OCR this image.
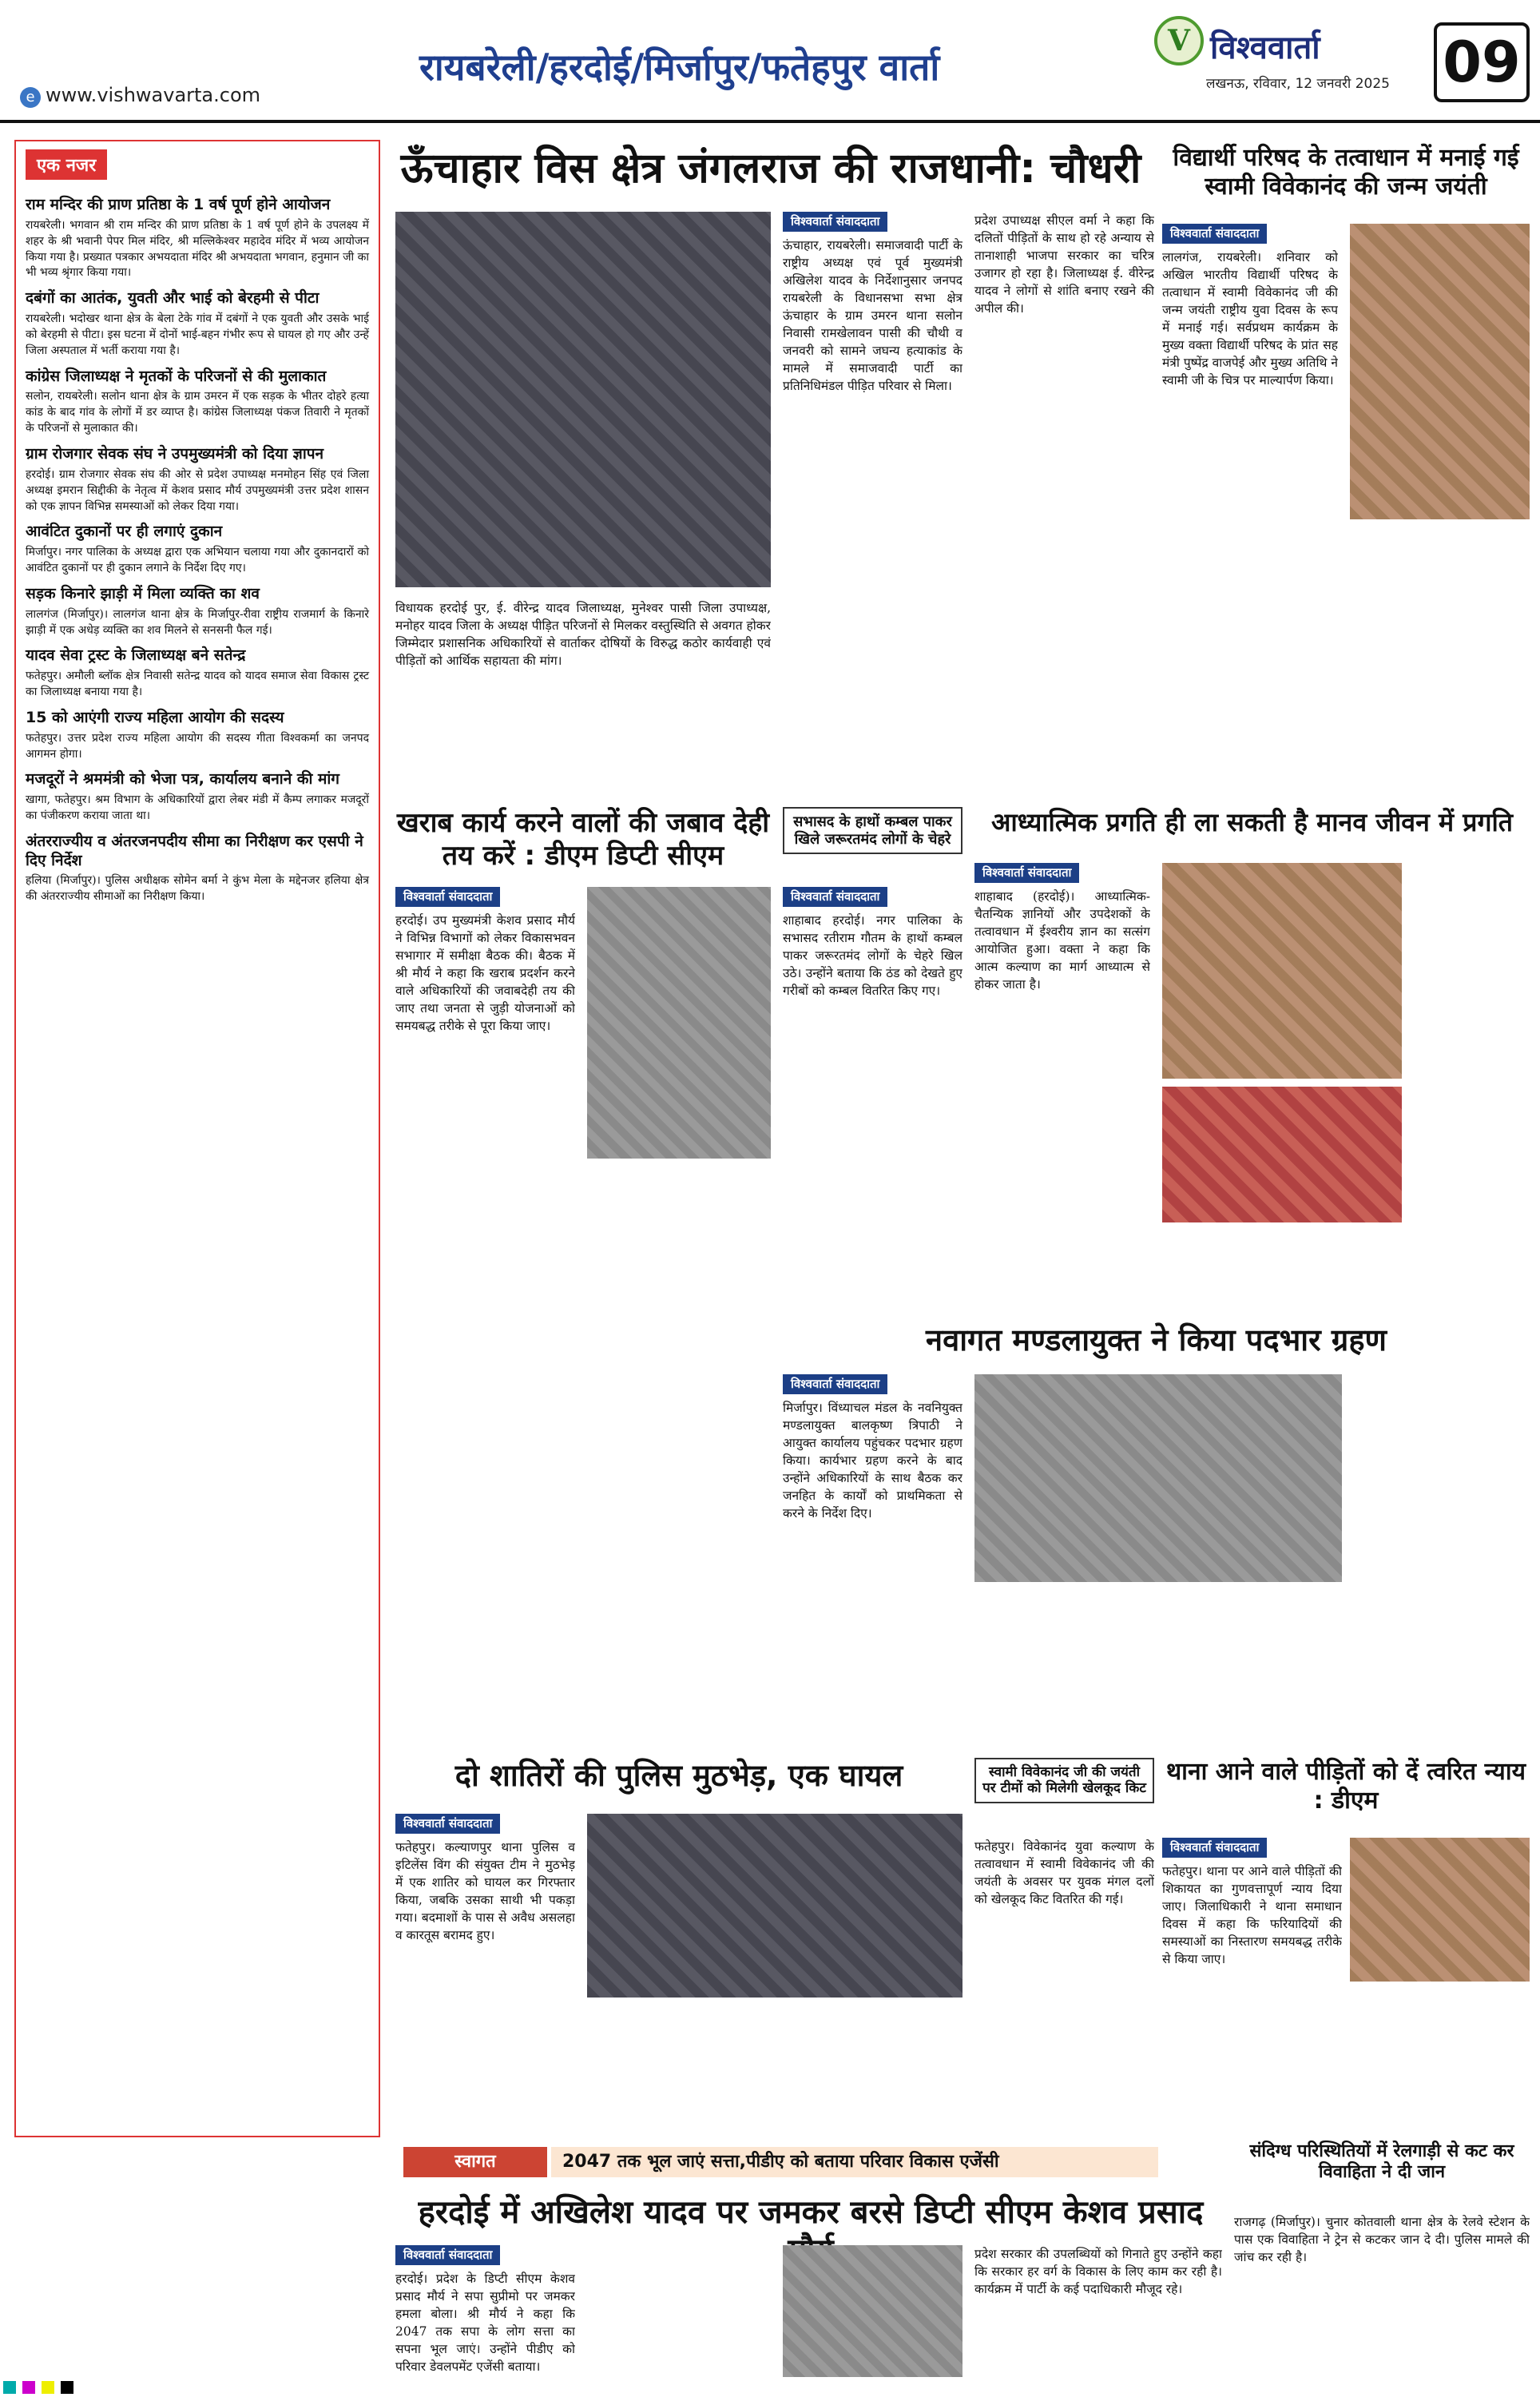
रायबरेली/हरदोई/मिर्जापुर/फतेहपुर वार्ता
e www.vishwavarta.com
V विश्ववार्ता
लखनऊ, रविवार, 12 जनवरी 2025 09
एक नजर
राम मन्दिर की प्राण प्रतिष्ठा के 1 वर्ष पूर्ण होने आयोजन

रायबरेली। भगवान श्री राम मन्दिर की प्राण प्रतिष्ठा के 1 वर्ष पूर्ण होने के उपलक्ष्य में शहर के श्री भवानी पेपर मिल मंदिर, श्री मल्लिकेश्वर महादेव मंदिर में भव्य आयोजन किया गया है। प्रख्यात पत्रकार अभयदाता मंदिर श्री अभयदाता भगवान, हनुमान जी का भी भव्य श्रृंगार किया गया।

दबंगों का आतंक, युवती और भाई को बेरहमी से पीटा

रायबरेली। भदोखर थाना क्षेत्र के बेला टेके गांव में दबंगों ने एक युवती और उसके भाई को बेरहमी से पीटा। इस घटना में दोनों भाई-बहन गंभीर रूप से घायल हो गए और उन्हें जिला अस्पताल में भर्ती कराया गया है।

कांग्रेस जिलाध्यक्ष ने मृतकों के परिजनों से की मुलाकात

सलोन, रायबरेली। सलोन थाना क्षेत्र के ग्राम उमरन में एक सड़क के भीतर दोहरे हत्या कांड के बाद गांव के लोगों में डर व्याप्त है। कांग्रेस जिलाध्यक्ष पंकज तिवारी ने मृतकों के परिजनों से मुलाकात की।

ग्राम रोजगार सेवक संघ ने उपमुख्यमंत्री को दिया ज्ञापन

हरदोई। ग्राम रोजगार सेवक संघ की ओर से प्रदेश उपाध्यक्ष मनमोहन सिंह एवं जिला अध्यक्ष इमरान सिद्दीकी के नेतृत्व में केशव प्रसाद मौर्य उपमुख्यमंत्री उत्तर प्रदेश शासन को एक ज्ञापन विभिन्न समस्याओं को लेकर दिया गया।

आवंटित दुकानों पर ही लगाएं दुकान

मिर्जापुर। नगर पालिका के अध्यक्ष द्वारा एक अभियान चलाया गया और दुकानदारों को आवंटित दुकानों पर ही दुकान लगाने के निर्देश दिए गए।

सड़क किनारे झाड़ी में मिला व्यक्ति का शव

लालगंज (मिर्जापुर)। लालगंज थाना क्षेत्र के मिर्जापुर-रीवा राष्ट्रीय राजमार्ग के किनारे झाड़ी में एक अधेड़ व्यक्ति का शव मिलने से सनसनी फैल गई।

यादव सेवा ट्रस्ट के जिलाध्यक्ष बने सतेन्द्र

फतेहपुर। अमौली ब्लॉक क्षेत्र निवासी सतेन्द्र यादव को यादव समाज सेवा विकास ट्रस्ट का जिलाध्यक्ष बनाया गया है।

15 को आएंगी राज्य महिला आयोग की सदस्य

फतेहपुर। उत्तर प्रदेश राज्य महिला आयोग की सदस्य गीता विश्वकर्मा का जनपद आगमन होगा।

मजदूरों ने श्रममंत्री को भेजा पत्र, कार्यालय बनाने की मांग

खागा, फतेहपुर। श्रम विभाग के अधिकारियों द्वारा लेबर मंडी में कैम्प लगाकर मजदूरों का पंजीकरण कराया जाता था।

अंतरराज्यीय व अंतरजनपदीय सीमा का निरीक्षण कर एसपी ने दिए निर्देश

हलिया (मिर्जापुर)। पुलिस अधीक्षक सोमेन बर्मा ने कुंभ मेला के मद्देनजर हलिया क्षेत्र की अंतरराज्यीय सीमाओं का निरीक्षण किया।

ऊँचाहार विस क्षेत्र जंगलराज की राजधानी: चौधरी
विधायक हरदोई पुर, ई. वीरेन्द्र यादव जिलाध्यक्ष, मुनेश्वर पासी जिला उपाध्यक्ष, मनोहर यादव जिला के अध्यक्ष पीड़ित परिजनों से मिलकर वस्तुस्थिति से अवगत होकर जिम्मेदार प्रशासनिक अधिकारियों से वार्ताकर दोषियों के विरुद्ध कठोर कार्यवाही एवं पीड़ितों को आर्थिक सहायता की मांग।
विश्ववार्ता संवाददाता
ऊंचाहार, रायबरेली। समाजवादी पार्टी के राष्ट्रीय अध्यक्ष एवं पूर्व मुख्यमंत्री अखिलेश यादव के निर्देशानुसार जनपद रायबरेली के विधानसभा सभा क्षेत्र ऊंचाहार के ग्राम उमरन थाना सलोन निवासी रामखेलावन पासी की चौथी व जनवरी को सामने जघन्य हत्याकांड के मामले में समाजवादी पार्टी का प्रतिनिधिमंडल पीड़ित परिवार से मिला।
प्रदेश उपाध्यक्ष सीएल वर्मा ने कहा कि दलितों पीड़ितों के साथ हो रहे अन्याय से तानाशाही भाजपा सरकार का चरित्र उजागर हो रहा है। जिलाध्यक्ष ई. वीरेन्द्र यादव ने लोगों से शांति बनाए रखने की अपील की।
विद्यार्थी परिषद के तत्वाधान में मनाई गई स्वामी विवेकानंद की जन्म जयंती
विश्ववार्ता संवाददाता
लालगंज, रायबरेली। शनिवार को अखिल भारतीय विद्यार्थी परिषद के तत्वाधान में स्वामी विवेकानंद जी की जन्म जयंती राष्ट्रीय युवा दिवस के रूप में मनाई गई। सर्वप्रथम कार्यक्रम के मुख्य वक्ता विद्यार्थी परिषद के प्रांत सह मंत्री पुष्पेंद्र वाजपेई और मुख्य अतिथि ने स्वामी जी के चित्र पर माल्यार्पण किया।
खराब कार्य करने वालों की जबाव देही तय करें : डीएम डिप्टी सीएम
विश्ववार्ता संवाददाता
हरदोई। उप मुख्यमंत्री केशव प्रसाद मौर्य ने विभिन्न विभागों को लेकर विकासभवन सभागार में समीक्षा बैठक की। बैठक में श्री मौर्य ने कहा कि खराब प्रदर्शन करने वाले अधिकारियों की जवाबदेही तय की जाए तथा जनता से जुड़ी योजनाओं को समयबद्ध तरीके से पूरा किया जाए।
सभासद के हाथों कम्बल पाकर खिले जरूरतमंद लोगों के चेहरे
विश्ववार्ता संवाददाता
शाहाबाद हरदोई। नगर पालिका के सभासद रतीराम गौतम के हाथों कम्बल पाकर जरूरतमंद लोगों के चेहरे खिल उठे। उन्होंने बताया कि ठंड को देखते हुए गरीबों को कम्बल वितरित किए गए।
आध्यात्मिक प्रगति ही ला सकती है मानव जीवन में प्रगति
विश्ववार्ता संवाददाता
शाहाबाद (हरदोई)। आध्यात्मिक-चैतन्यिक ज्ञानियों और उपदेशकों के तत्वावधान में ईश्वरीय ज्ञान का सत्संग आयोजित हुआ। वक्ता ने कहा कि आत्म कल्याण का मार्ग आध्यात्म से होकर जाता है।
नवागत मण्डलायुक्त ने किया पदभार ग्रहण
विश्ववार्ता संवाददाता
मिर्जापुर। विंध्याचल मंडल के नवनियुक्त मण्डलायुक्त बालकृष्ण त्रिपाठी ने आयुक्त कार्यालय पहुंचकर पदभार ग्रहण किया। कार्यभार ग्रहण करने के बाद उन्होंने अधिकारियों के साथ बैठक कर जनहित के कार्यों को प्राथमिकता से करने के निर्देश दिए।
दो शातिरों की पुलिस मुठभेड़, एक घायल
विश्ववार्ता संवाददाता
फतेहपुर। कल्याणपुर थाना पुलिस व इटिलेंस विंग की संयुक्त टीम ने मुठभेड़ में एक शातिर को घायल कर गिरफ्तार किया, जबकि उसका साथी भी पकड़ा गया। बदमाशों के पास से अवैध असलहा व कारतूस बरामद हुए।
स्वामी विवेकानंद जी की जयंती पर टीमों को मिलेगी खेलकूद किट
फतेहपुर। विवेकानंद युवा कल्याण के तत्वावधान में स्वामी विवेकानंद जी की जयंती के अवसर पर युवक मंगल दलों को खेलकूद किट वितरित की गई।
थाना आने वाले पीड़ितों को दें त्वरित न्याय : डीएम
विश्ववार्ता संवाददाता
फतेहपुर। थाना पर आने वाले पीड़ितों की शिकायत का गुणवत्तापूर्ण न्याय दिया जाए। जिलाधिकारी ने थाना समाधान दिवस में कहा कि फरियादियों की समस्याओं का निस्तारण समयबद्ध तरीके से किया जाए।
स्वागत	2047 तक भूल जाएं सत्ता,पीडीए को बताया परिवार विकास एजेंसी
हरदोई में अखिलेश यादव पर जमकर बरसे डिप्टी सीएम केशव प्रसाद
विश्ववार्ता संवाददाता
हरदोई। प्रदेश के डिप्टी सीएम केशव प्रसाद मौर्य ने सपा सुप्रीमो पर जमकर हमला बोला। श्री मौर्य ने कहा कि 2047 तक सपा के लोग सत्ता का सपना भूल जाएं। उन्होंने पीडीए को परिवार डेवलपमेंट एजेंसी बताया।
प्रदेश सरकार की उपलब्धियों को गिनाते हुए उन्होंने कहा कि सरकार हर वर्ग के विकास के लिए काम कर रही है। कार्यक्रम में पार्टी के कई पदाधिकारी मौजूद रहे।
संदिग्ध परिस्थितियों में रेलगाड़ी से कट कर विवाहिता ने दी जान
राजगढ़ (मिर्जापुर)। चुनार कोतवाली थाना क्षेत्र के रेलवे स्टेशन के पास एक विवाहिता ने ट्रेन से कटकर जान दे दी। पुलिस मामले की जांच कर रही है।
